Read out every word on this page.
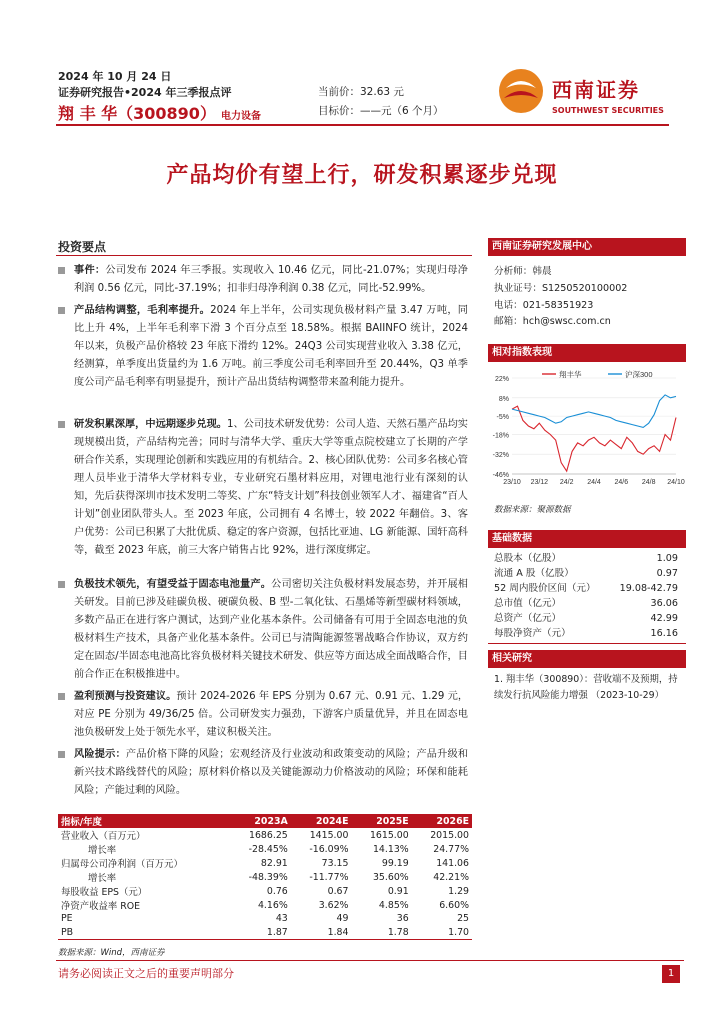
2024 年 10 月 24 日
证券研究报告•2024 年三季报点评
翔 丰 华（300890） 电力设备
当前价：32.63 元
目标价：——元（6 个月）
西南证券
SOUTHWEST SECURITIES
产品均价有望上行，研发积累逐步兑现
投资要点
事件：公司发布 2024 年三季报。实现收入 10.46 亿元，同比-21.07%；实现归母净利润 0.56 亿元，同比-37.19%；扣非归母净利润 0.38 亿元，同比-52.99%。
产品结构调整，毛利率提升。2024 年上半年，公司实现负极材料产量 3.47 万吨，同比上升 4%，上半年毛利率下滑 3 个百分点至 18.58%。根据 BAIINFO 统计，2024 年以来，负极产品价格较 23 年底下滑约 12%。24Q3 公司实现营业收入 3.38 亿元，经测算，单季度出货量约为 1.6 万吨。前三季度公司毛利率回升至 20.44%，Q3 单季度公司产品毛利率有明显提升，预计产品出货结构调整带来盈利能力提升。
研发积累深厚，中远期逐步兑现。1、公司技术研发优势：公司人造、天然石墨产品均实现规模出货，产品结构完善；同时与清华大学、重庆大学等重点院校建立了长期的产学研合作关系，实现理论创新和实践应用的有机结合。2、核心团队优势：公司多名核心管理人员毕业于清华大学材料专业，专业研究石墨材料应用，对锂电池行业有深刻的认知，先后获得深圳市技术发明二等奖、广东“特支计划”科技创业领军人才、福建省“百人计划”创业团队带头人。至 2023 年底，公司拥有 4 名博士，较 2022 年翻倍。3、客户优势：公司已积累了大批优质、稳定的客户资源，包括比亚迪、LG 新能源、国轩高科等，截至 2023 年底，前三大客户销售占比 92%，进行深度绑定。
负极技术领先，有望受益于固态电池量产。公司密切关注负极材料发展态势，并开展相关研发。目前已涉及硅碳负极、硬碳负极、B 型-二氧化钛、石墨烯等新型碳材料领域，多数产品正在进行客户测试，达到产业化基本条件。公司储备有可用于全固态电池的负极材料生产技术，具备产业化基本条件。公司已与清陶能源签署战略合作协议，双方约定在固态/半固态电池高比容负极材料关键技术研发、供应等方面达成全面战略合作，目前合作正在积极推进中。
盈利预测与投资建议。预计 2024-2026 年 EPS 分别为 0.67 元、0.91 元、1.29 元，对应 PE 分别为 49/36/25 倍。公司研发实力强劲，下游客户质量优异，并且在固态电池负极研发上处于领先水平，建议积极关注。
风险提示：产品价格下降的风险；宏观经济及行业波动和政策变动的风险；产品升级和新兴技术路线替代的风险；原材料价格以及关键能源动力价格波动的风险；环保和能耗风险；产能过剩的风险。
指标/年度	2023A	2024E	2025E	2026E
营业收入（百万元）	1686.25	1415.00	1615.00	2015.00
增长率	-28.45%	-16.09%	14.13%	24.77%
归属母公司净利润（百万元）	82.91	73.15	99.19	141.06
增长率	-48.39%	-11.77%	35.60%	42.21%
每股收益 EPS（元）	0.76	0.67	0.91	1.29
净资产收益率 ROE	4.16%	3.62%	4.85%	6.60%
PE	43	49	36	25
PB	1.87	1.84	1.78	1.70
数据来源：Wind，西南证券
西南证券研究发展中心
分析师：韩晨
执业证号：S1250520100002
电话：021-58351923
邮箱：hch@swsc.com.cn
相对指数表现
22%
8%
-5%
-18%
-32%
-46%
23/10 23/12 24/2 24/4 24/6 24/8 24/10
翔丰华	沪深300
数据来源：聚源数据
基础数据
总股本（亿股）	1.09
流通 A 股（亿股）	0.97
52 周内股价区间（元） 19.08-42.79
总市值（亿元）	36.06
总资产（亿元）	42.99
每股净资产（元）	16.16
相关研究
1. 翔丰华（300890）：营收端不及预期，持续发行抗风险能力增强 （2023-10-29）
请务必阅读正文之后的重要声明部分	1
